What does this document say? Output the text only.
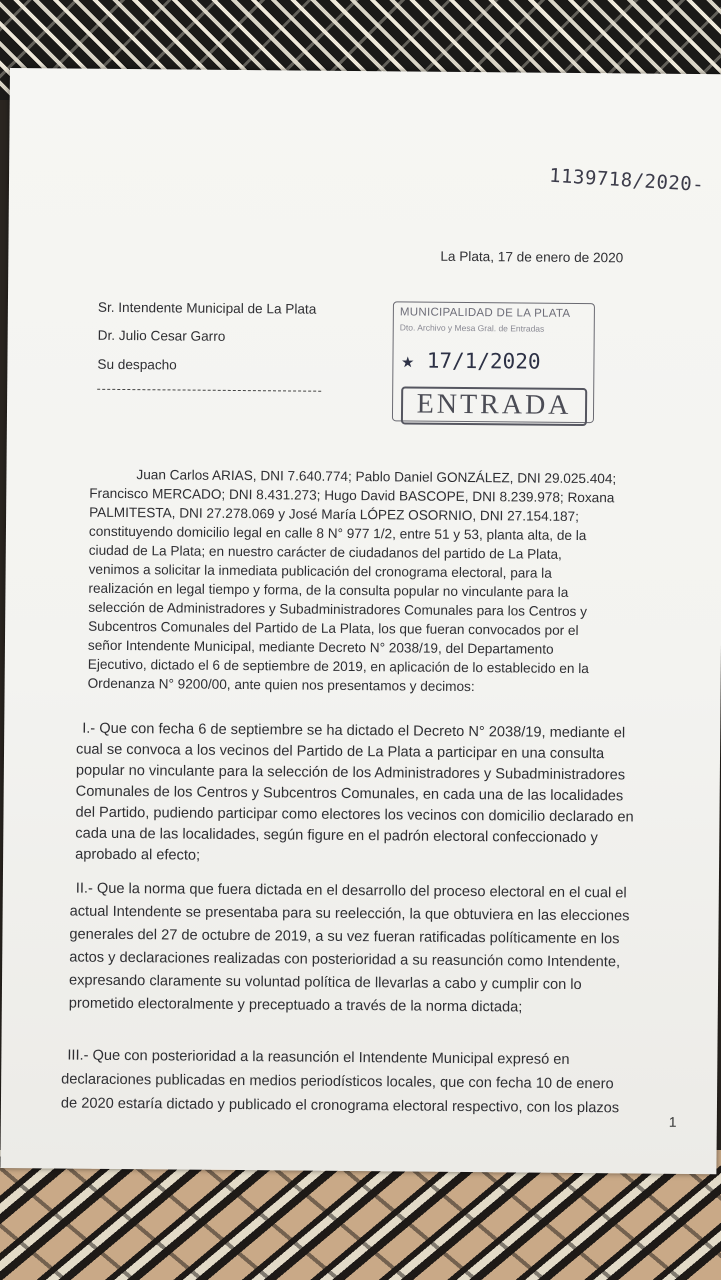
1139718/2020-
La Plata, 17 de enero de 2020
Sr. Intendente Municipal de La Plata
Dr. Julio Cesar Garro
Su despacho
MUNICIPALIDAD DE LA PLATA
Dto. Archivo y Mesa Gral. de Entradas
★ 17/1/2020
ENTRADA
Juan Carlos ARIAS, DNI 7.640.774; Pablo Daniel GONZÁLEZ, DNI 29.025.404;
Francisco MERCADO; DNI 8.431.273; Hugo David BASCOPE, DNI 8.239.978; Roxana
PALMITESTA, DNI 27.278.069 y José María LÓPEZ OSORNIO, DNI 27.154.187;
constituyendo domicilio legal en calle 8 N° 977 1/2, entre 51 y 53, planta alta, de la
ciudad de La Plata; en nuestro carácter de ciudadanos del partido de La Plata,
venimos a solicitar la inmediata publicación del cronograma electoral, para la
realización en legal tiempo y forma, de la consulta popular no vinculante para la
selección de Administradores y Subadministradores Comunales para los Centros y
Subcentros Comunales del Partido de La Plata, los que fueran convocados por el
señor Intendente Municipal, mediante Decreto N° 2038/19, del Departamento
Ejecutivo, dictado el 6 de septiembre de 2019, en aplicación de lo establecido en la
Ordenanza N° 9200/00, ante quien nos presentamos y decimos:
I.- Que con fecha 6 de septiembre se ha dictado el Decreto N° 2038/19, mediante el
cual se convoca a los vecinos del Partido de La Plata a participar en una consulta
popular no vinculante para la selección de los Administradores y Subadministradores
Comunales de los Centros y Subcentros Comunales, en cada una de las localidades
del Partido, pudiendo participar como electores los vecinos con domicilio declarado en
cada una de las localidades, según figure en el padrón electoral confeccionado y
aprobado al efecto;
II.- Que la norma que fuera dictada en el desarrollo del proceso electoral en el cual el
actual Intendente se presentaba para su reelección, la que obtuviera en las elecciones
generales del 27 de octubre de 2019, a su vez fueran ratificadas políticamente en los
actos y declaraciones realizadas con posterioridad a su reasunción como Intendente,
expresando claramente su voluntad política de llevarlas a cabo y cumplir con lo
prometido electoralmente y preceptuado a través de la norma dictada;
III.- Que con posterioridad a la reasunción el Intendente Municipal expresó en
declaraciones publicadas en medios periodísticos locales, que con fecha 10 de enero
de 2020 estaría dictado y publicado el cronograma electoral respectivo, con los plazos
1
